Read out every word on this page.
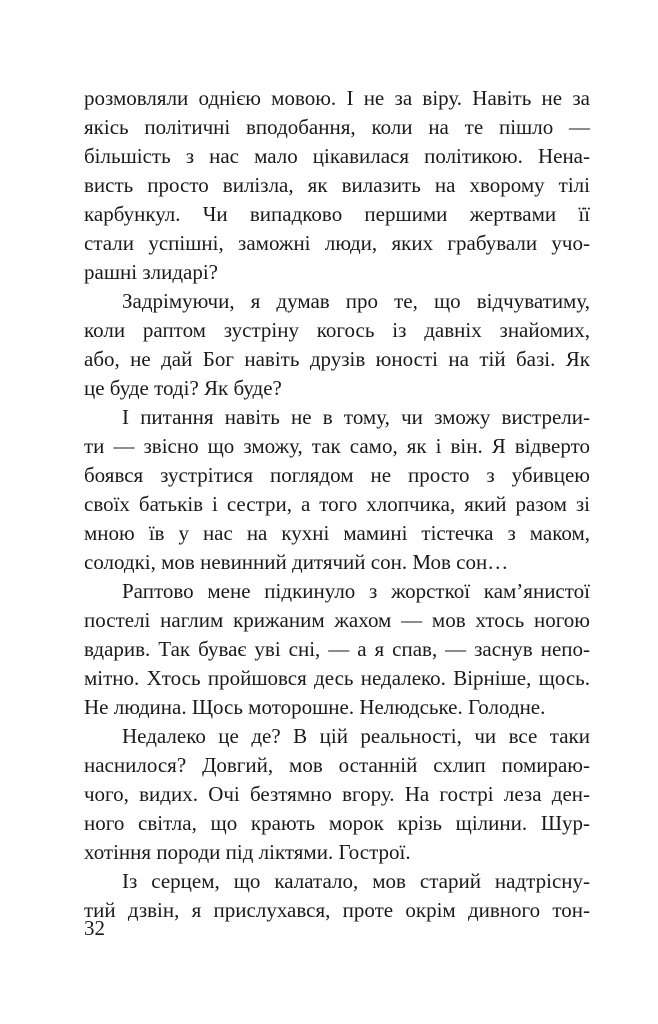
розмовляли однією мовою. І не за віру. Навіть не за
якісь політичні вподобання, коли на те пішло —
більшість з нас мало цікавилася політикою. Нена-
висть просто вилізла, як вилазить на хворому тілі
карбункул. Чи випадково першими жертвами її
стали успішні, заможні люди, яких грабували учо-
рашні злидарі?
Задрімуючи, я думав про те, що відчуватиму,
коли раптом зустріну когось із давніх знайомих,
або, не дай Бог навіть друзів юності на тій базі. Як
це буде тоді? Як буде?
І питання навіть не в тому, чи зможу вистрели-
ти — звісно що зможу, так само, як і він. Я відверто
боявся зустрітися поглядом не просто з убивцею
своїх батьків і сестри, а того хлопчика, який разом зі
мною їв у нас на кухні мамині тістечка з маком,
солодкі, мов невинний дитячий сон. Мов сон…
Раптово мене підкинуло з жорсткої кам’янистої
постелі наглим крижаним жахом — мов хтось ногою
вдарив. Так буває уві сні, — а я спав, — заснув непо-
мітно. Хтось пройшовся десь недалеко. Вірніше, щось.
Не людина. Щось моторошне. Нелюдське. Голодне.
Недалеко це де? В цій реальності, чи все таки
наснилося? Довгий, мов останній схлип помираю-
чого, видих. Очі безтямно вгору. На гострі леза ден-
ного світла, що крають морок крізь щілини. Шур-
хотіння породи під ліктями. Гострої.
Із серцем, що калатало, мов старий надтріснy-
тий дзвін, я прислухався, проте окрім дивного тон-
32
